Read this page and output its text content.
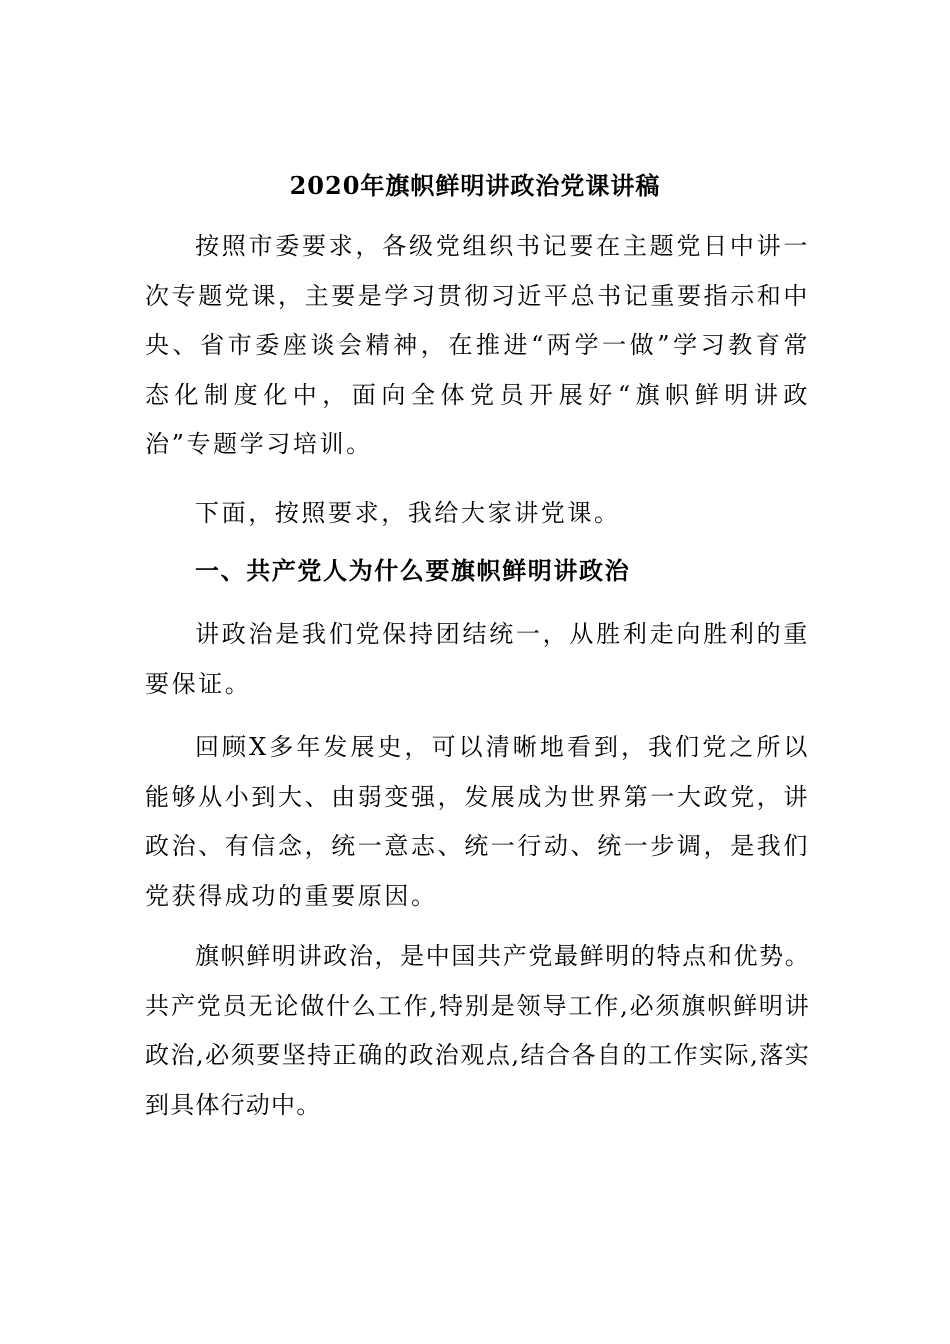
2020年旗帜鲜明讲政治党课讲稿

按照市委要求，各级党组织书记要在主题党日中讲一次专题党课，主要是学习贯彻习近平总书记重要指示和中央、省市委座谈会精神，在推进“两学一做”学习教育常态化制度化中，面向全体党员开展好“旗帜鲜明讲政治”专题学习培训。

下面，按照要求，我给大家讲党课。

一、共产党人为什么要旗帜鲜明讲政治

讲政治是我们党保持团结统一，从胜利走向胜利的重要保证。

回顾X多年发展史，可以清晰地看到，我们党之所以能够从小到大、由弱变强，发展成为世界第一大政党，讲政治、有信念，统一意志、统一行动、统一步调，是我们党获得成功的重要原因。

旗帜鲜明讲政治，是中国共产党最鲜明的特点和优势。共产党员无论做什么工作,特别是领导工作,必须旗帜鲜明讲政治,必须要坚持正确的政治观点,结合各自的工作实际,落实到具体行动中。
